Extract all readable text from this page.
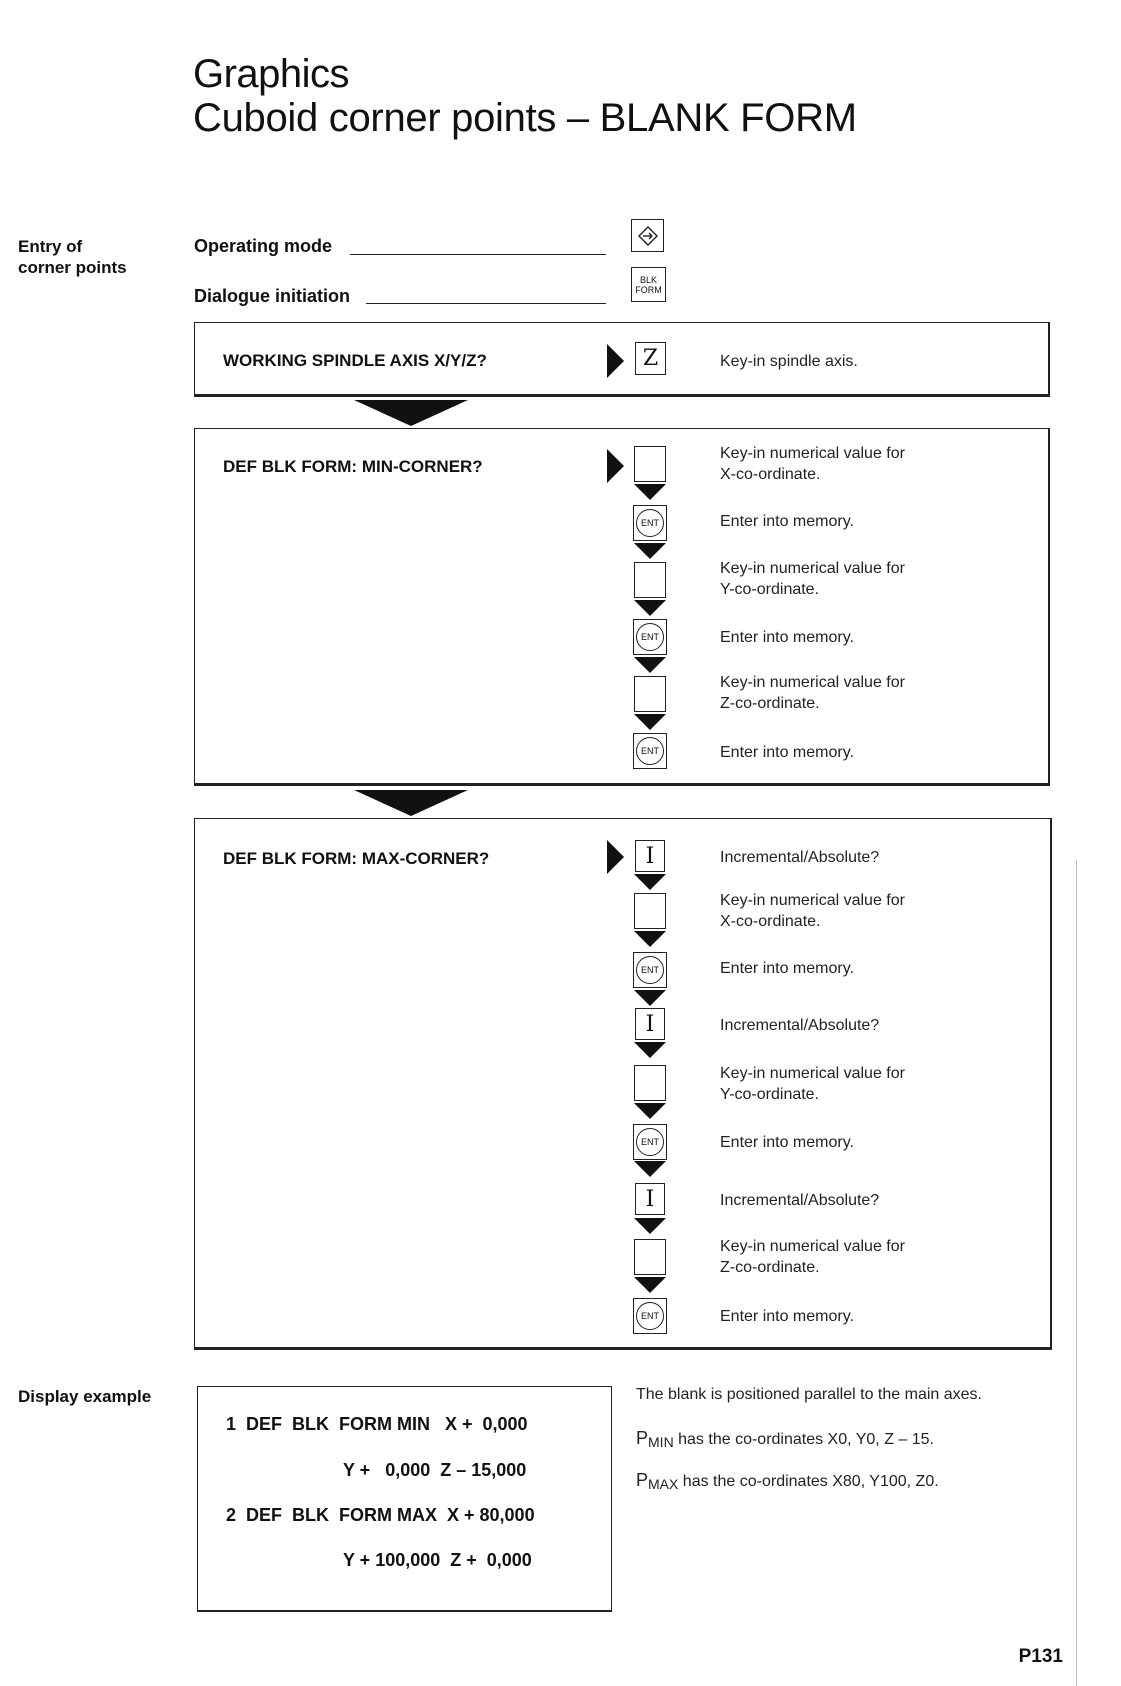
Graphics
Cuboid corner points – BLANK FORM
Entry of
corner points
Display example
Operating mode
Dialogue initiation
BLK
FORM
WORKING SPINDLE AXIS X/Y/Z?	Z	Key-in spindle axis.
DEF BLK FORM: MIN-CORNER?
Key-in numerical value for
X-co-ordinate.
ENT	Enter into memory.
Key-in numerical value for
Y-co-ordinate.
ENT	Enter into memory.
Key-in numerical value for
Z-co-ordinate.
ENT	Enter into memory.
DEF BLK FORM: MAX-CORNER?	I	Incremental/Absolute?
Key-in numerical value for
X-co-ordinate.
ENT	Enter into memory.
I	Incremental/Absolute?
Key-in numerical value for
Y-co-ordinate.
ENT	Enter into memory.
I	Incremental/Absolute?
Key-in numerical value for
Z-co-ordinate.
ENT	Enter into memory.
1  DEF  BLK  FORM MIN   X +  0,000
Y +   0,000  Z – 15,000
2  DEF  BLK  FORM MAX  X + 80,000
Y + 100,000  Z +  0,000
The blank is positioned parallel to the main axes.
PMIN has the co-ordinates X0, Y0, Z – 15.
PMAX has the co-ordinates X80, Y100, Z0.
P131
